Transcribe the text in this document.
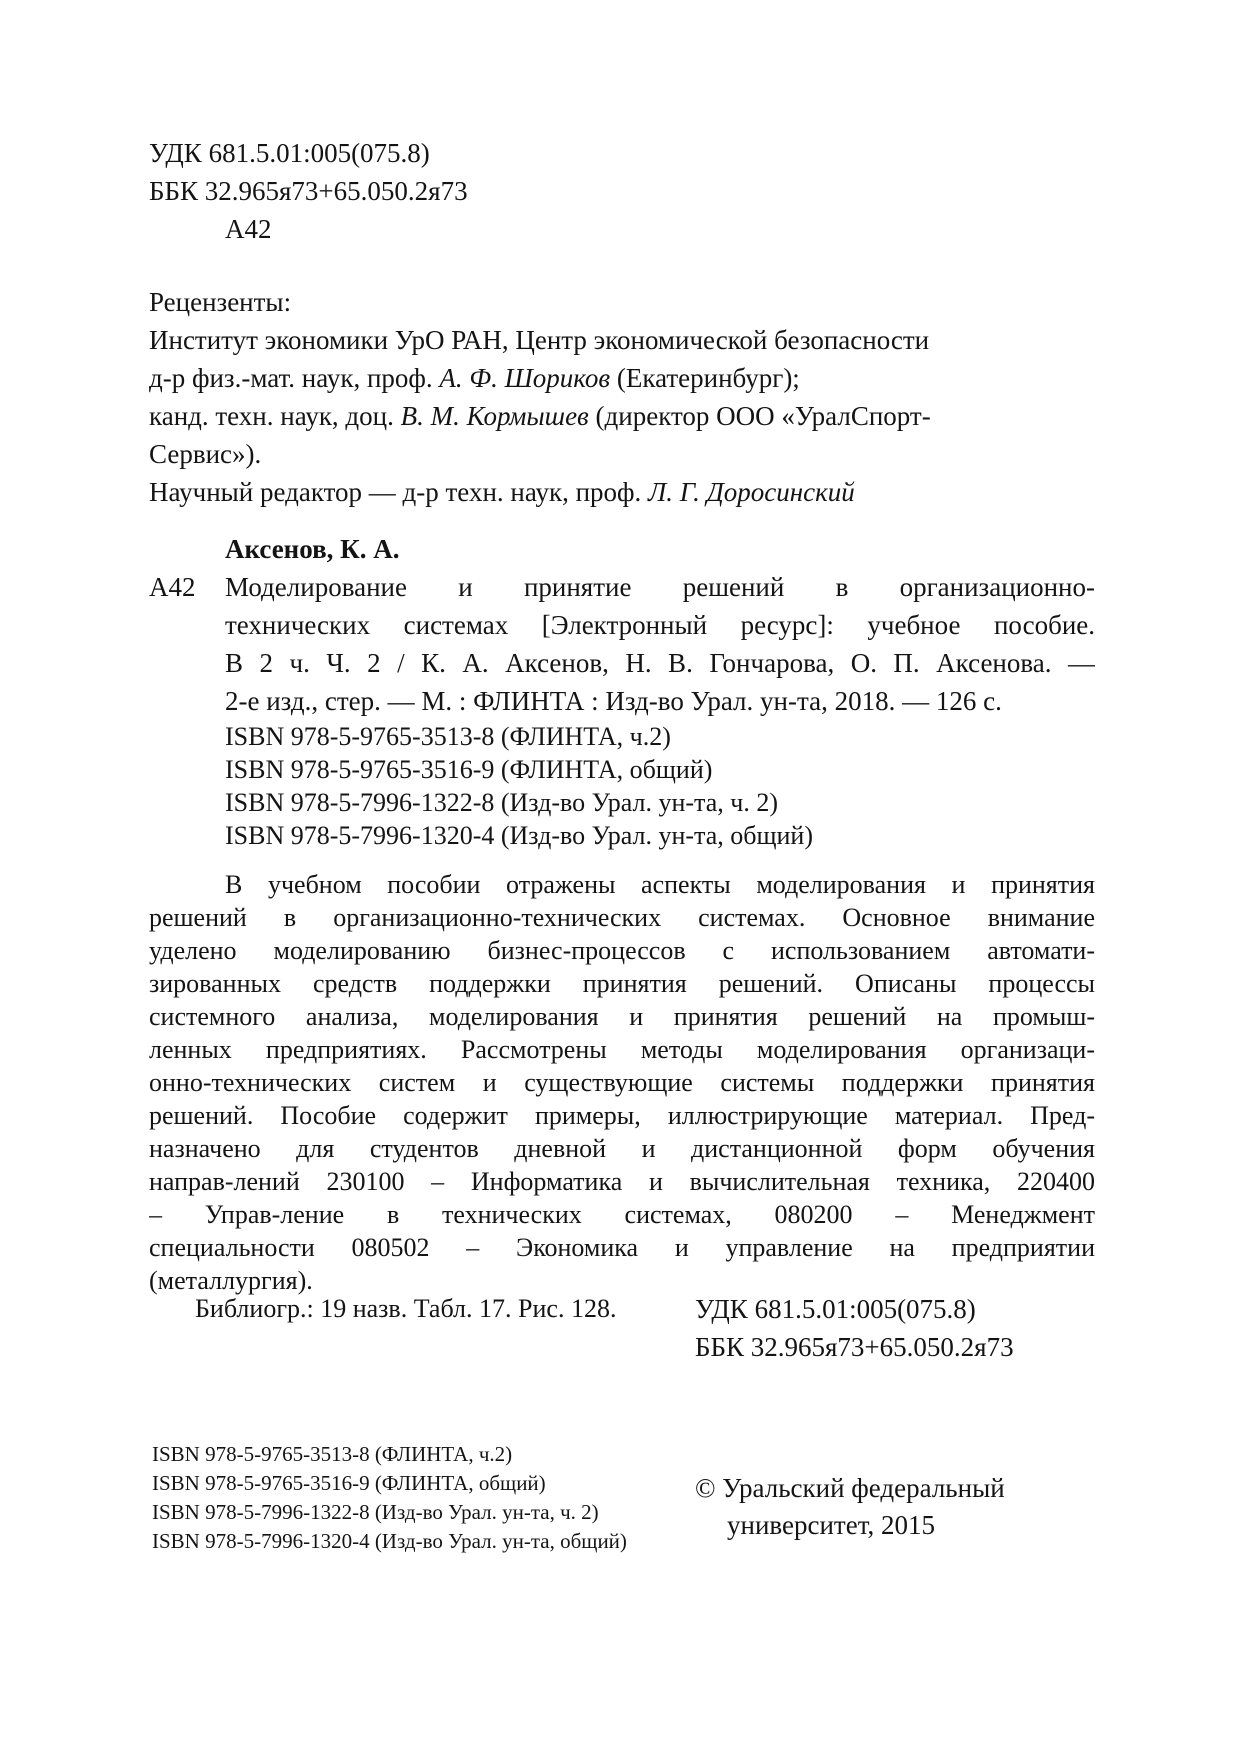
УДК 681.5.01:005(075.8)
ББК 32.965я73+65.050.2я73
А42
Рецензенты:
Институт экономики УрО РАН, Центр экономической безопасности
д-р физ.-мат. наук, проф. А. Ф. Шориков (Екатеринбург);
канд. техн. наук, доц. В. М. Кормышев (директор ООО «УралСпорт-
Сервис»).
Научный редактор — д-р техн. наук, проф. Л. Г. Доросинский
Аксенов, К. А.
А42 Моделирование и принятие решений в организационно-
технических системах [Электронный ресурс]: учебное пособие.
В 2 ч. Ч. 2 / К. А. Аксенов, Н. В. Гончарова, О. П. Аксенова. —
2-е изд., стер. — М. : ФЛИНТА : Изд-во Урал. ун-та, 2018. — 126 с.
ISBN 978-5-9765-3513-8 (ФЛИНТА, ч.2)
ISBN 978-5-9765-3516-9 (ФЛИНТА, общий)
ISBN 978-5-7996-1322-8 (Изд-во Урал. ун-та, ч. 2)
ISBN 978-5-7996-1320-4 (Изд-во Урал. ун-та, общий)
В учебном пособии отражены аспекты моделирования и принятия
решений в организационно-технических системах. Основное внимание
уделено моделированию бизнес-процессов с использованием автомати-
зированных средств поддержки принятия решений. Описаны процессы
системного анализа, моделирования и принятия решений на промыш-
ленных предприятиях. Рассмотрены методы моделирования организаци-
онно-технических систем и существующие системы поддержки принятия
решений. Пособие содержит примеры, иллюстрирующие материал. Пред-
назначено для студентов дневной и дистанционной форм обучения
направ-лений 230100 – Информатика и вычислительная техника, 220400
– Управ-ление в технических системах, 080200 – Менеджмент
специальности 080502 – Экономика и управление на предприятии
(металлургия).
Библиогр.: 19 назв. Табл. 17. Рис. 128.	УДК 681.5.01:005(075.8)
ББК 32.965я73+65.050.2я73
ISBN 978-5-9765-3513-8 (ФЛИНТА, ч.2)
ISBN 978-5-9765-3516-9 (ФЛИНТА, общий)
ISBN 978-5-7996-1322-8 (Изд-во Урал. ун-та, ч. 2)
ISBN 978-5-7996-1320-4 (Изд-во Урал. ун-та, общий)
© Уральский федеральный
университет, 2015
